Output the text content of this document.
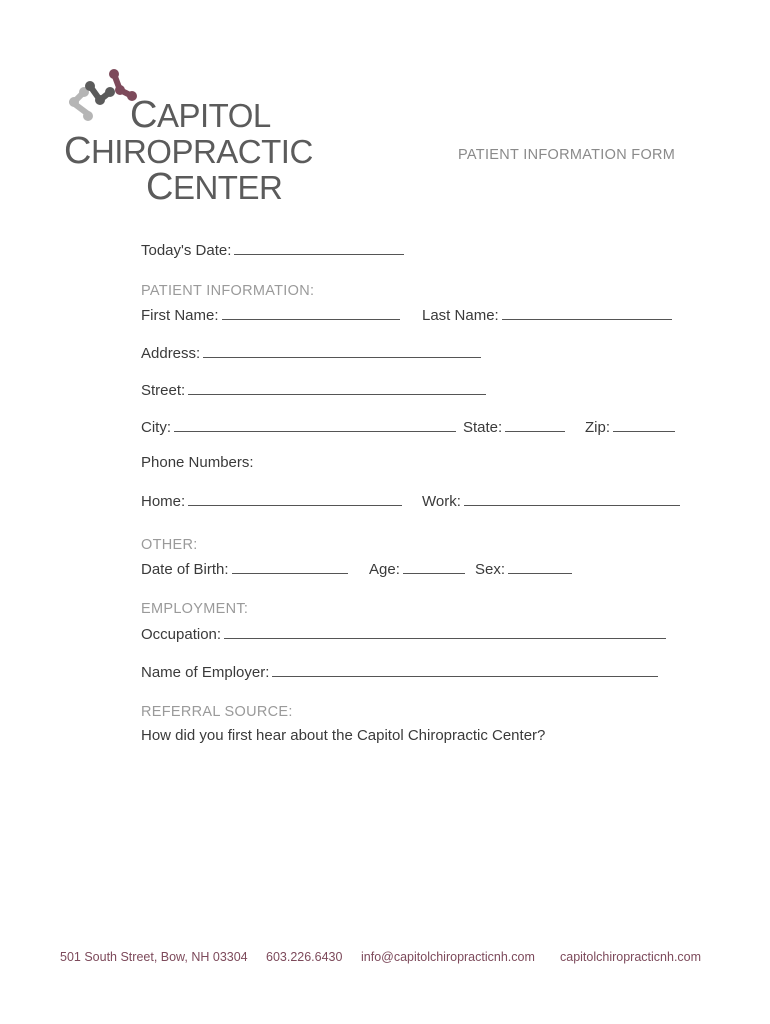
CAPITOL
CHIROPRACTIC
CENTER
PATIENT INFORMATION FORM
Today's Date:
PATIENT INFORMATION:
First Name:	Last Name:
Address:
Street:
City:	State:	Zip:
Phone Numbers:
Home:	Work:
OTHER:
Date of Birth:	Age:	Sex:
EMPLOYMENT:
Occupation:
Name of Employer:
REFERRAL SOURCE:
How did you first hear about the Capitol Chiropractic Center?
501 South Street, Bow, NH 03304 603.226.6430 info@capitolchiropracticnh.com capitolchiropracticnh.com
